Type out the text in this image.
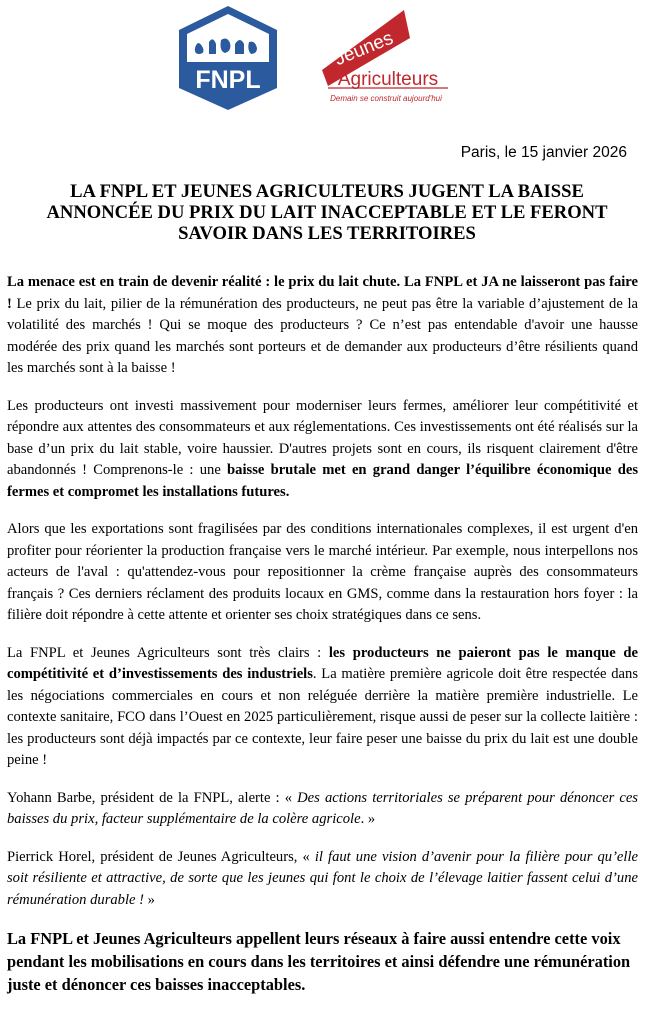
FNPL
Jeunes
Agriculteurs
Demain se construit aujourd'hui
Paris, le 15 janvier 2026
LA FNPL ET JEUNES AGRICULTEURS JUGENT LA BAISSE ANNONCÉE DU PRIX DU LAIT INACCEPTABLE ET LE FERONT SAVOIR DANS LES TERRITOIRES

La menace est en train de devenir réalité : le prix du lait chute. La FNPL et JA ne laisseront pas faire ! Le prix du lait, pilier de la rémunération des producteurs, ne peut pas être la variable d’ajustement de la volatilité des marchés ! Qui se moque des producteurs ? Ce n’est pas entendable d'avoir une hausse modérée des prix quand les marchés sont porteurs et de demander aux producteurs d’être résilients quand les marchés sont à la baisse !

Les producteurs ont investi massivement pour moderniser leurs fermes, améliorer leur compétitivité et répondre aux attentes des consommateurs et aux réglementations. Ces investissements ont été réalisés sur la base d’un prix du lait stable, voire haussier. D'autres projets sont en cours, ils risquent clairement d'être abandonnés ! Comprenons-le : une baisse brutale met en grand danger l’équilibre économique des fermes et compromet les installations futures.

Alors que les exportations sont fragilisées par des conditions internationales complexes, il est urgent d'en profiter pour réorienter la production française vers le marché intérieur. Par exemple, nous interpellons nos acteurs de l'aval : qu'attendez-vous pour repositionner la crème française auprès des consommateurs français ? Ces derniers réclament des produits locaux en GMS, comme dans la restauration hors foyer : la filière doit répondre à cette attente et orienter ses choix stratégiques dans ce sens.

La FNPL et Jeunes Agriculteurs sont très clairs : les producteurs ne paieront pas le manque de compétitivité et d’investissements des industriels. La matière première agricole doit être respectée dans les négociations commerciales en cours et non reléguée derrière la matière première industrielle. Le contexte sanitaire, FCO dans l’Ouest en 2025 particulièrement, risque aussi de peser sur la collecte laitière : les producteurs sont déjà impactés par ce contexte, leur faire peser une baisse du prix du lait est une double peine !

Yohann Barbe, président de la FNPL, alerte : « Des actions territoriales se préparent pour dénoncer ces baisses du prix, facteur supplémentaire de la colère agricole. »

Pierrick Horel, président de Jeunes Agriculteurs, « il faut une vision d’avenir pour la filière pour qu’elle soit résiliente et attractive, de sorte que les jeunes qui font le choix de l’élevage laitier fassent celui d’une rémunération durable ! »

La FNPL et Jeunes Agriculteurs appellent leurs réseaux à faire aussi entendre cette voix pendant les mobilisations en cours dans les territoires et ainsi défendre une rémunération juste et dénoncer ces baisses inacceptables.
